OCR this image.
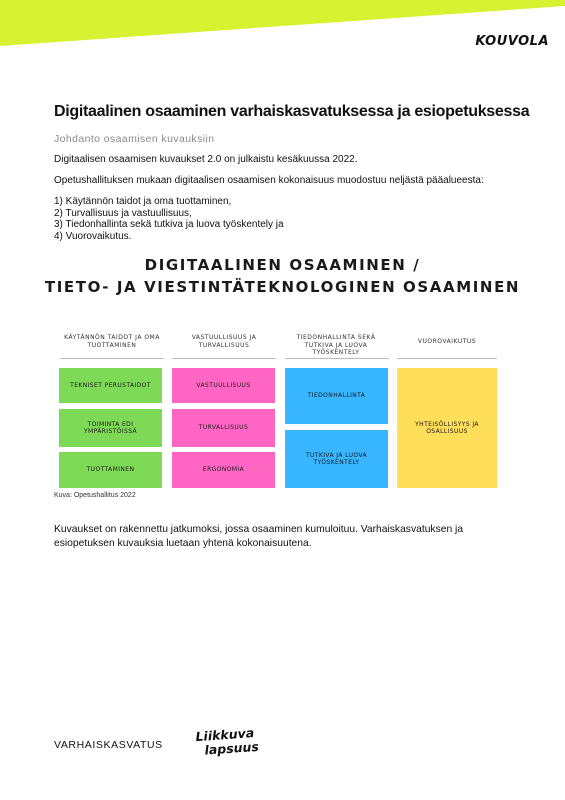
KOUVOLA
Digitaalinen osaaminen varhaiskasvatuksessa ja esiopetuksessa
Johdanto osaamisen kuvauksiin
Digitaalisen osaamisen kuvaukset 2.0 on julkaistu kesäkuussa 2022.
Opetushallituksen mukaan digitaalisen osaamisen kokonaisuus muodostuu neljästä pääalueesta:
1) Käytännön taidot ja oma tuottaminen,
2) Turvallisuus ja vastuullisuus,
3) Tiedonhallinta sekä tutkiva ja luova työskentely ja
4) Vuorovaikutus.
DIGITAALINEN OSAAMINEN /
TIETO- JA VIESTINTÄTEKNOLOGINEN OSAAMINEN
KÄYTÄNNÖN TAIDOT JA OMA TUOTTAMINEN
VASTUULLISUUS JA TURVALLISUUS
TIEDONHALLINTA SEKÄ TUTKIVA JA LUOVA TYÖSKENTELY
VUOROVAIKUTUS
TEKNISET PERUSTAIDOT
TOIMINTA EDI YMPÄRISTÖISSÄ
TUOTTAMINEN
VASTUULLISUUS
TURVALLISUUS
ERGONOMIA
TIEDONHALLINTA
TUTKIVA JA LUOVA TYÖSKENTELY
YHTEISÖLLISYYS JA OSALLISUUS
Kuva: Opetushallitus 2022
Kuvaukset on rakennettu jatkumoksi, jossa osaaminen kumuloituu. Varhaiskasvatuksen ja esiopetuksen kuvauksia luetaan yhtenä kokonaisuutena.
VARHAISKASVATUS
Liikkuva
lapsuus
